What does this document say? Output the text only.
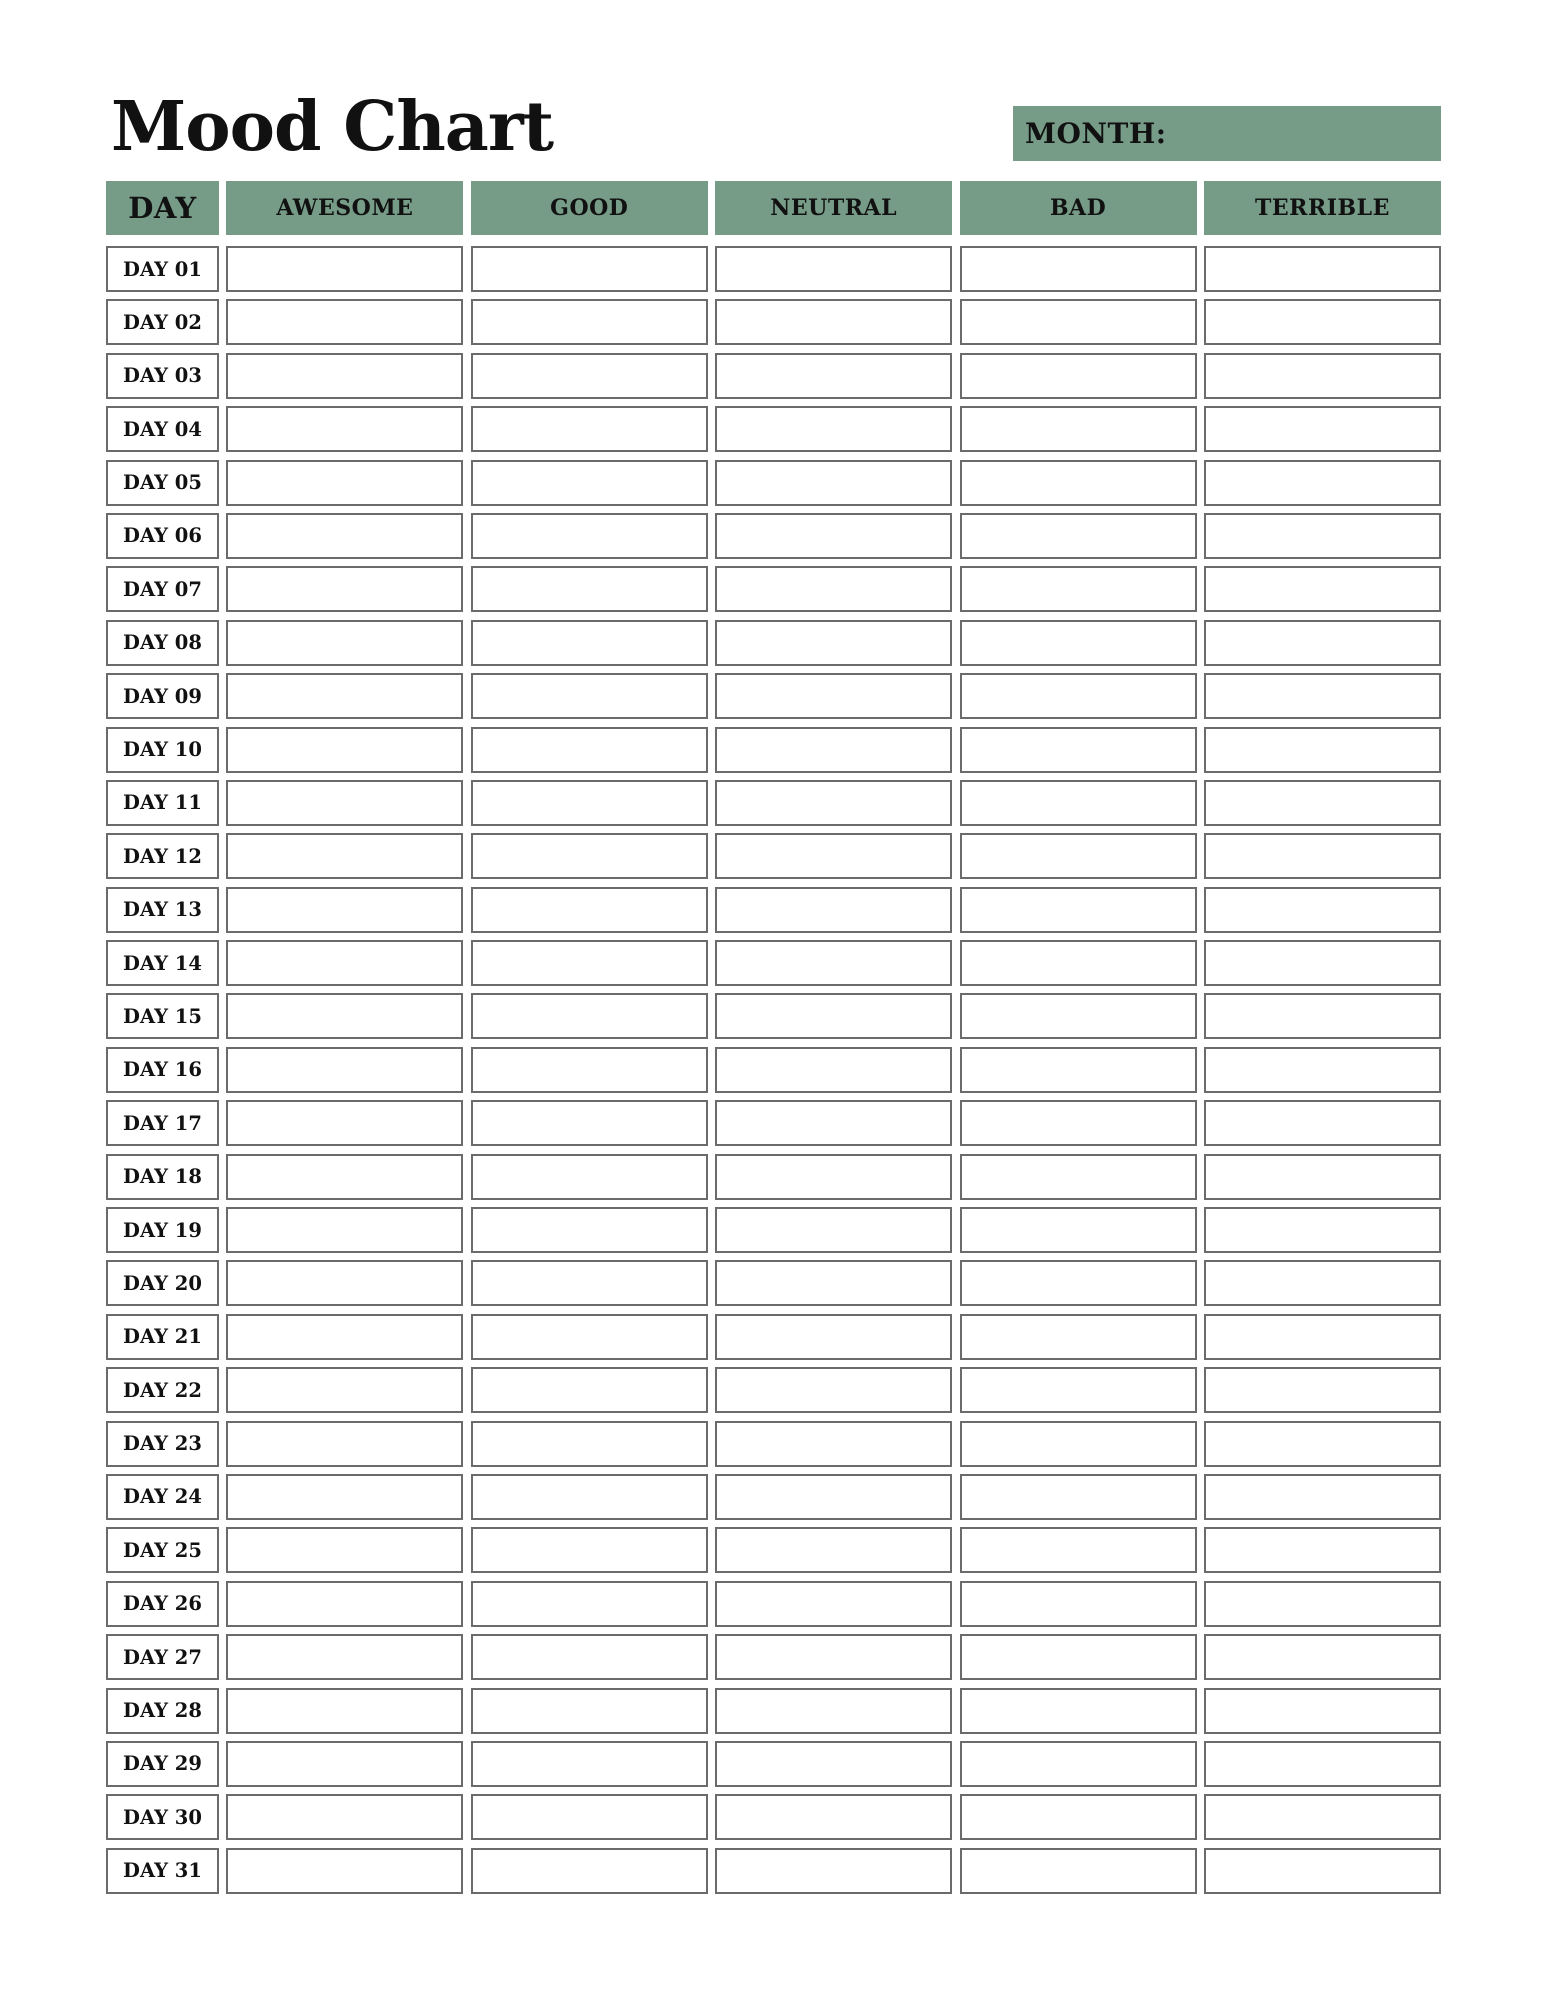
Mood Chart	MONTH:
DAY	AWESOME	GOOD	NEUTRAL	BAD	TERRIBLE
DAY 01
DAY 02
DAY 03
DAY 04
DAY 05
DAY 06
DAY 07
DAY 08
DAY 09
DAY 10
DAY 11
DAY 12
DAY 13
DAY 14
DAY 15
DAY 16
DAY 17
DAY 18
DAY 19
DAY 20
DAY 21
DAY 22
DAY 23
DAY 24
DAY 25
DAY 26
DAY 27
DAY 28
DAY 29
DAY 30
DAY 31
